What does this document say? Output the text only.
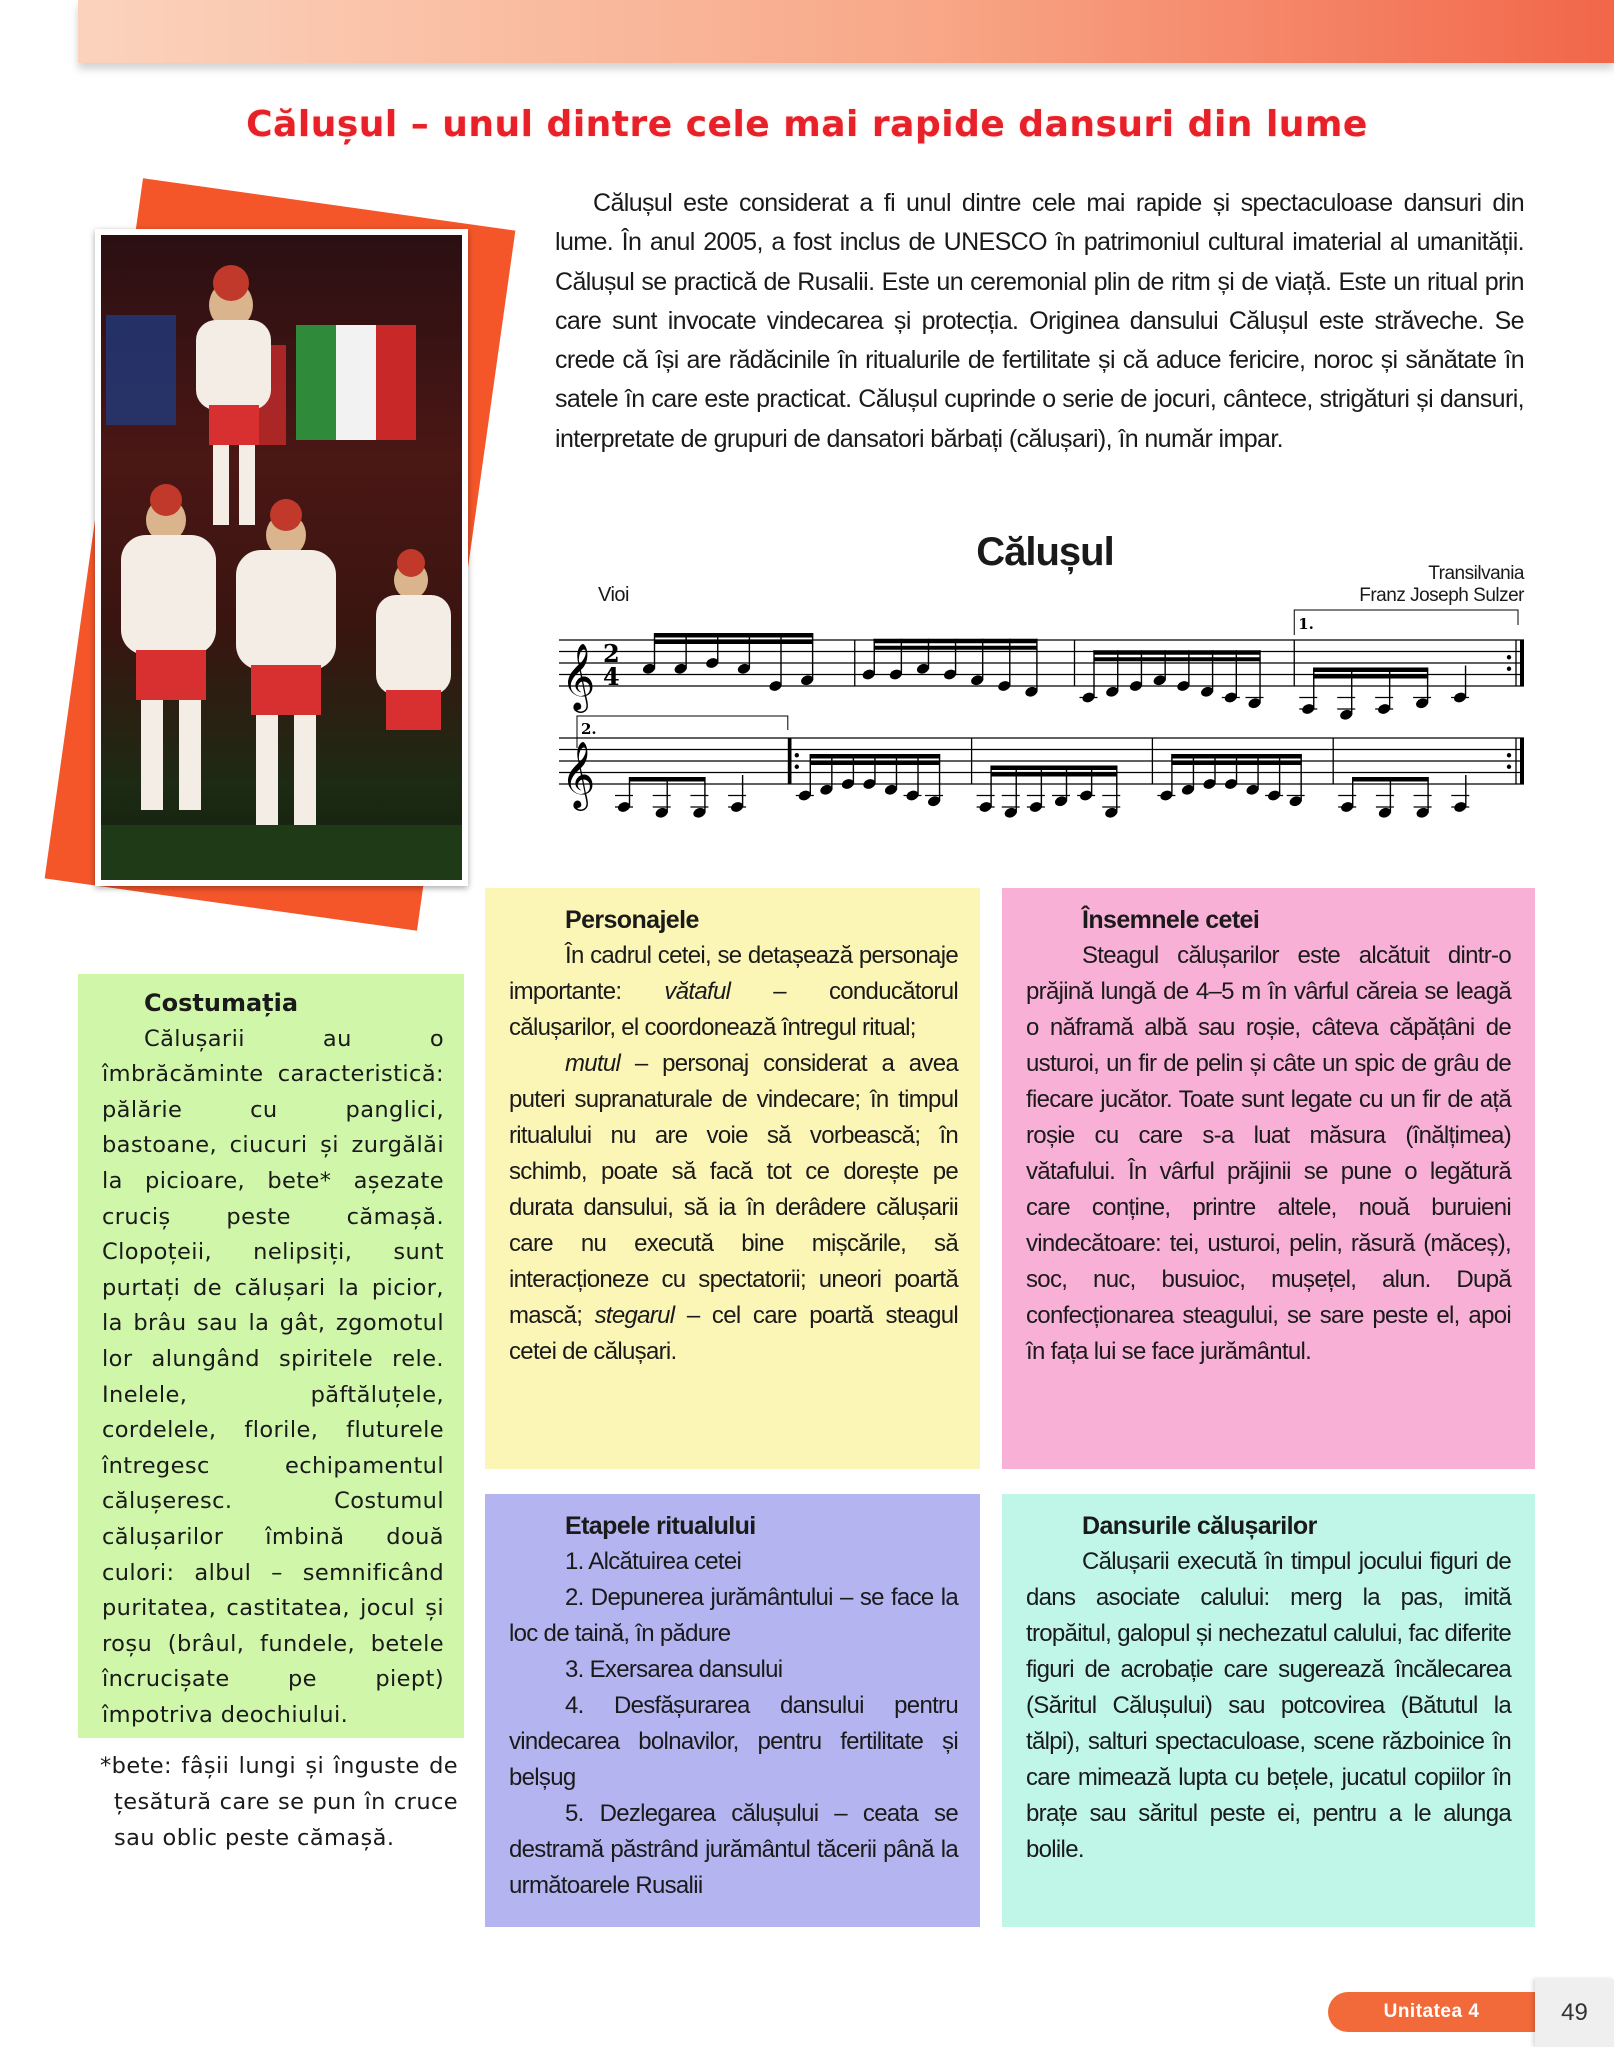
Călușul – unul dintre cele mai rapide dansuri din lume

Călușul este considerat a fi unul dintre cele mai rapide și spectaculoase dansuri din lume. În anul 2005, a fost inclus de UNESCO în patrimoniul cultural imaterial al umanității. Călușul se practică de Rusalii. Este un ceremonial plin de ritm și de viață. Este un ritual prin care sunt invocate vindecarea și protecția. Originea dansului Călușul este străveche. Se crede că își are rădăcinile în ritualurile de fertilitate și că aduce fericire, noroc și sănătate în satele în care este practicat. Călușul cuprinde o serie de jocuri, cântece, strigături și dansuri, interpretate de grupuri de dansatori bărbați (călușari), în număr impar.

Călușul
Vioi
Transilvania
Franz Joseph Sulzer
𝄞 2
4
1.
𝄞
2.
Costumația

Călușarii au o îmbrăcăminte caracteristică: pălărie cu panglici, bastoane, ciucuri și zurgălăi la picioare, bete* așezate cruciș peste cămașă. Clopoțeii, nelipsiți, sunt purtați de călușari la picior, la brâu sau la gât, zgomotul lor alungând spiritele rele. Inelele, păftăluțele, cordelele, florile, fluturele întregesc echipamentul călușeresc. Costumul călușarilor îmbină două culori: albul – semnificând puritatea, castitatea, jocul și roșu (brâul, fundele, betele încrucișate pe piept) împotriva deochiului.

*bete: fâșii lungi și înguste de țesătură care se pun în cruce sau oblic peste cămașă.

Personajele

În cadrul cetei, se detașează personaje importante: vătaful – conducătorul călușarilor, el coordonează întregul ritual;

mutul – personaj considerat a avea puteri supranaturale de vindecare; în timpul ritualului nu are voie să vorbească; în schimb, poate să facă tot ce dorește pe durata dansului, să ia în derâdere călușarii care nu execută bine mișcările, să interacționeze cu spectatorii; uneori poartă mască; stegarul – cel care poartă steagul cetei de călușari.

Însemnele cetei

Steagul călușarilor este alcătuit dintr-o prăjină lungă de 4–5 m în vârful căreia se leagă o năframă albă sau roșie, câteva căpățâni de usturoi, un fir de pelin și câte un spic de grâu de fiecare jucător. Toate sunt legate cu un fir de ață roșie cu care s-a luat măsura (înălțimea) vătafului. În vârful prăjinii se pune o legătură care conține, printre altele, nouă buruieni vindecătoare: tei, usturoi, pelin, răsură (măceș), soc, nuc, busuioc, mușețel, alun. După confecționarea steagului, se sare peste el, apoi în fața lui se face jurământul.

Etapele ritualului

1. Alcătuirea cetei

2. Depunerea jurământului – se face la loc de taină, în pădure

3. Exersarea dansului

4. Desfășurarea dansului pentru vindecarea bolnavilor, pentru fertilitate și belșug

5. Dezlegarea călușului – ceata se destramă păstrând jurământul tăcerii până la următoarele Rusalii

Dansurile călușarilor

Călușarii execută în timpul jocului figuri de dans asociate calului: merg la pas, imită tropăitul, galopul și nechezatul calului, fac diferite figuri de acrobație care sugerează încălecarea (Săritul Călușului) sau potcovirea (Bătutul la tălpi), salturi spectaculoase, scene războinice în care mimează lupta cu bețele, jucatul copiilor în brațe sau săritul peste ei, pentru a le alunga bolile.

Unitatea 4	49
